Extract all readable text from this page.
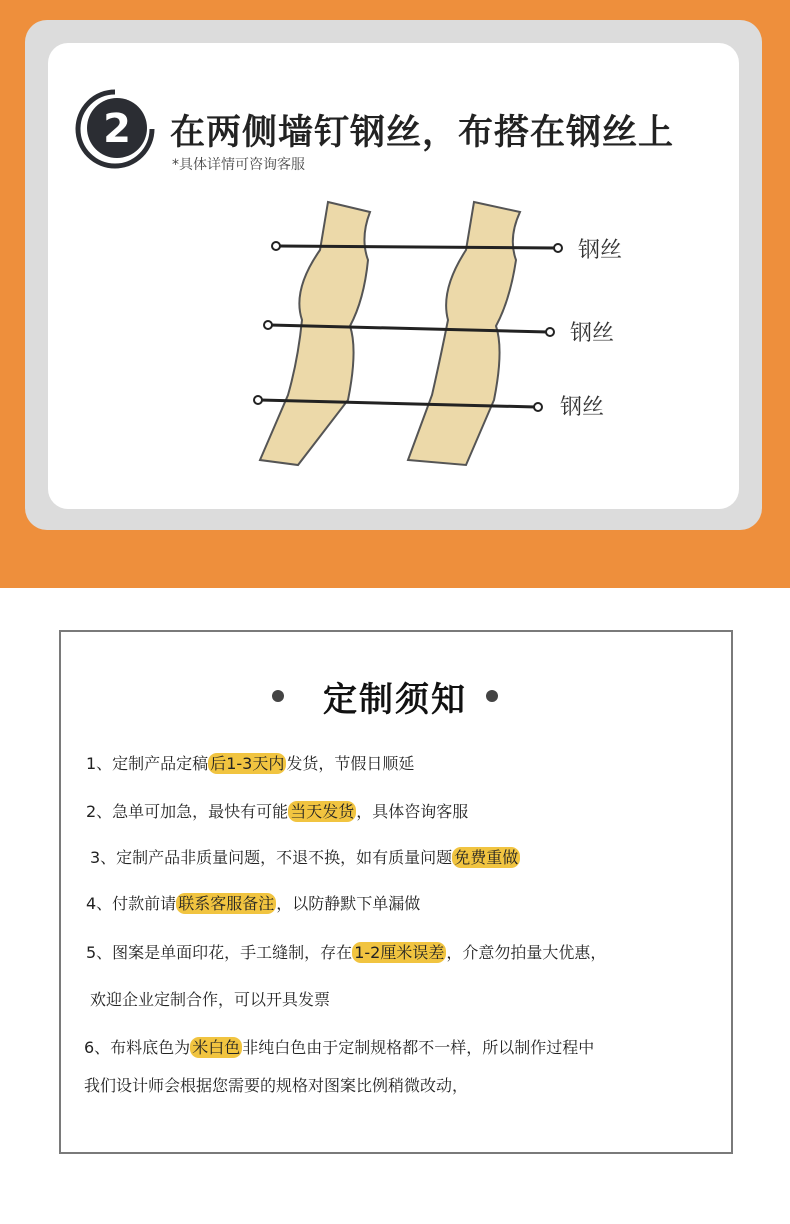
2 在两侧墙钉钢丝，布搭在钢丝上
*具体详情可咨询客服
钢丝
钢丝
钢丝
定制须知
1、定制产品定稿 后1-3天内 发货，节假日顺延
2、急单可加急，最快有可能 当天发货 ，具体咨询客服
3、定制产品非质量问题，不退不换，如有质量问题 免费重做
4、付款前请 联系客服备注 ，以防静默下单漏做
5、图案是单面印花，手工缝制，存在 1-2厘米误差 ，介意勿拍量大优惠，
欢迎企业定制合作，可以开具发票
6、布料底色为 米白色 非纯白色由于定制规格都不一样，所以制作过程中
我们设计师会根据您需要的规格对图案比例稍微改动，
